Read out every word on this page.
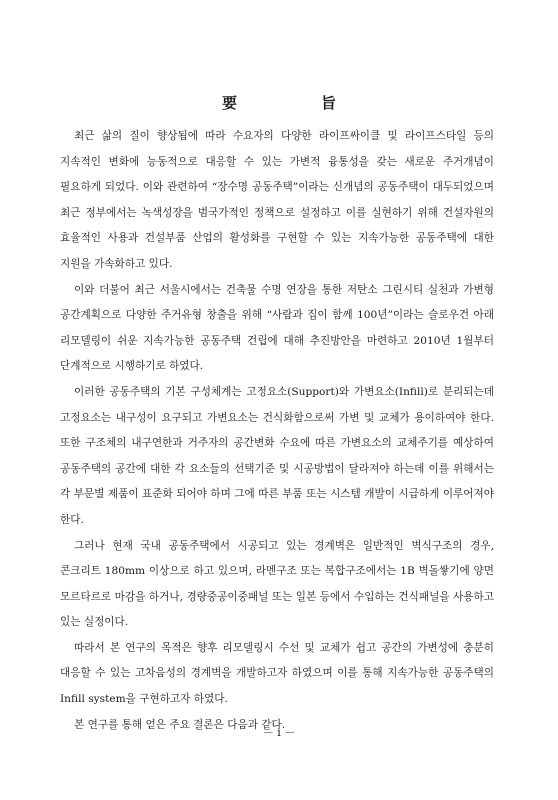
要　　旨

최근 삶의 질이 향상됨에 따라 수요자의 다양한 라이프싸이클 및 라이프스타일 등의 지속적인 변화에 능동적으로 대응할 수 있는 가변적 융통성을 갖는 새로운 주거개념이 필요하게 되었다. 이와 관련하여 “장수명 공동주택”이라는 신개념의 공동주택이 대두되었으며 최근 정부에서는 녹색성장을 범국가적인 정책으로 설정하고 이를 실현하기 위해 건설자원의 효율적인 사용과 건설부품 산업의 활성화를 구현할 수 있는 지속가능한 공동주택에 대한 지원을 가속화하고 있다.

이와 더불어 최근 서울시에서는 건축물 수명 연장을 통한 저탄소 그린시티 실천과 가변형 공간계획으로 다양한 주거유형 창출을 위해 “사람과 집이 함께 100년”이라는 슬로우건 아래 리모델링이 쉬운 지속가능한 공동주택 건립에 대해 추진방안을 마련하고 2010년 1월부터 단계적으로 시행하기로 하였다.

이러한 공동주택의 기본 구성체계는 고정요소(Support)와 가변요소(Infill)로 분리되는데 고정요소는 내구성이 요구되고 가변요소는 건식화함으로써 가변 및 교체가 용이하여야 한다. 또한 구조체의 내구연한과 거주자의 공간변화 수요에 따른 가변요소의 교체주기를 예상하여 공동주택의 공간에 대한 각 요소들의 선택기준 및 시공방법이 달라져야 하는데 이를 위해서는 각 부문별 제품이 표준화 되어야 하며 그에 따른 부품 또는 시스템 개발이 시급하게 이루어져야 한다.

그러나 현재 국내 공동주택에서 시공되고 있는 경계벽은 일반적인 벽식구조의 경우, 콘크리트 180mm 이상으로 하고 있으며, 라멘구조 또는 복합구조에서는 1B 벽돌쌓기에 양면 모르타르로 마감을 하거나, 경량중공이중패널 또는 일본 등에서 수입하는 건식패널을 사용하고 있는 실정이다.

따라서 본 연구의 목적은 향후 리모델링시 수선 및 교체가 쉽고 공간의 가변성에 충분히 대응할 수 있는 고차음성의 경계벽을 개발하고자 하였으며 이를 통해 지속가능한 공동주택의 Infill system을 구현하고자 하였다.

본 연구를 통해 얻은 주요 결론은 다음과 같다.

－ i －
